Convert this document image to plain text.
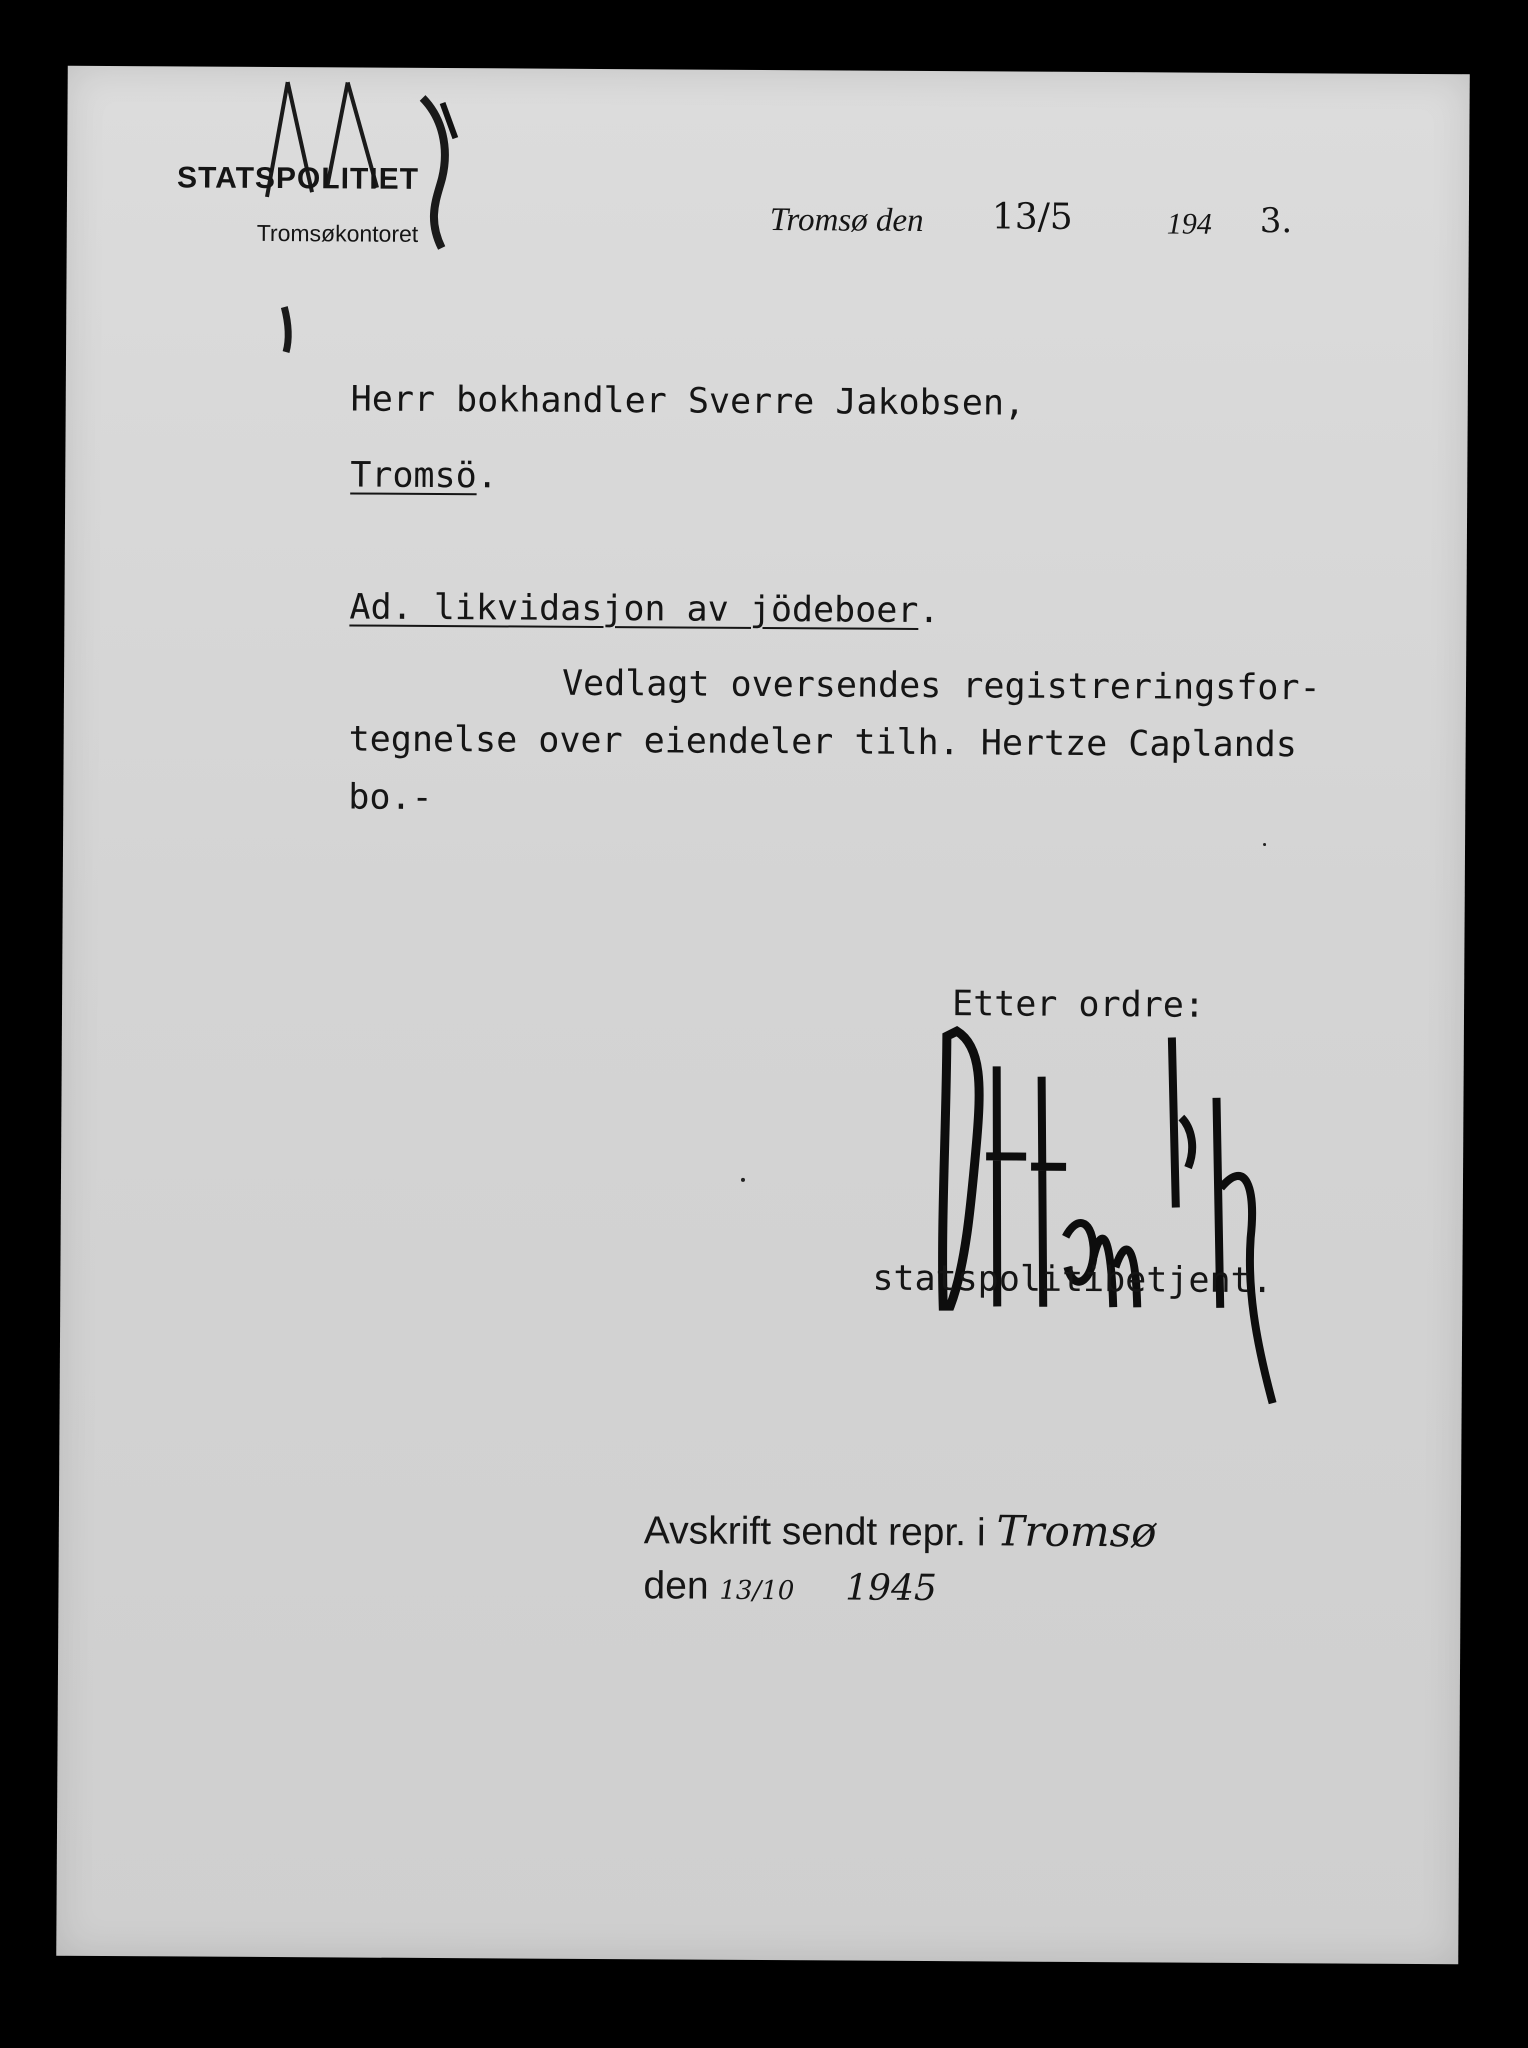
STATSPOLITIET
Tromsøkontoret	Tromsø den 13/5	194 3.
Herr bokhandler Sverre Jakobsen,
Tromsö.
Ad. likvidasjon av jödeboer.
Vedlagt oversendes registreringsfor-
tegnelse over eiendeler tilh. Hertze Caplands
bo.-
Etter ordre:
statspolitibetjent.
Avskrift sendt repr. i Tromsø
den 13/10 1945
